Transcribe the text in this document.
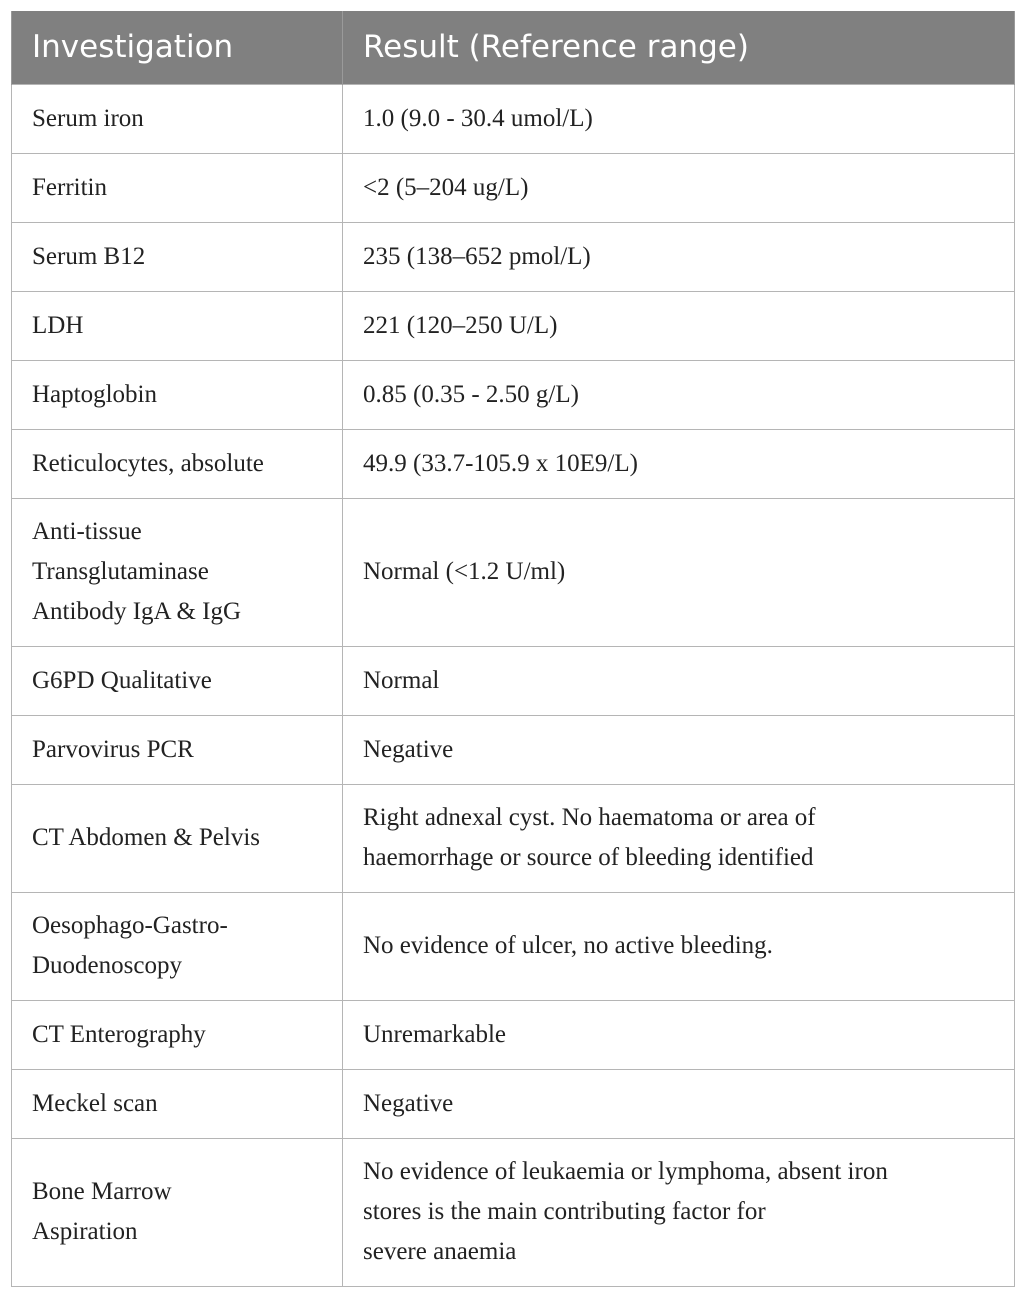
Investigation	Result (Reference range)

Serum iron	1.0 (9.0 - 30.4 umol/L)

Ferritin	<2 (5–204 ug/L)

Serum B12	235 (138–652 pmol/L)

LDH	221 (120–250 U/L)

Haptoglobin	0.85 (0.35 - 2.50 g/L)

Reticulocytes, absolute	49.9 (33.7-105.9 x 10E9/L)

Anti-tissue
Transglutaminase
Antibody IgA & IgG	Normal (<1.2 U/ml)

G6PD Qualitative	Normal

Parvovirus PCR	Negative

CT Abdomen & Pelvis	Right adnexal cyst. No haematoma or area of
haemorrhage or source of bleeding identified

Oesophago-Gastro-
Duodenoscopy	No evidence of ulcer, no active bleeding.

CT Enterography	Unremarkable

Meckel scan	Negative

Bone Marrow
Aspiration	No evidence of leukaemia or lymphoma, absent iron
stores is the main contributing factor for
severe anaemia
